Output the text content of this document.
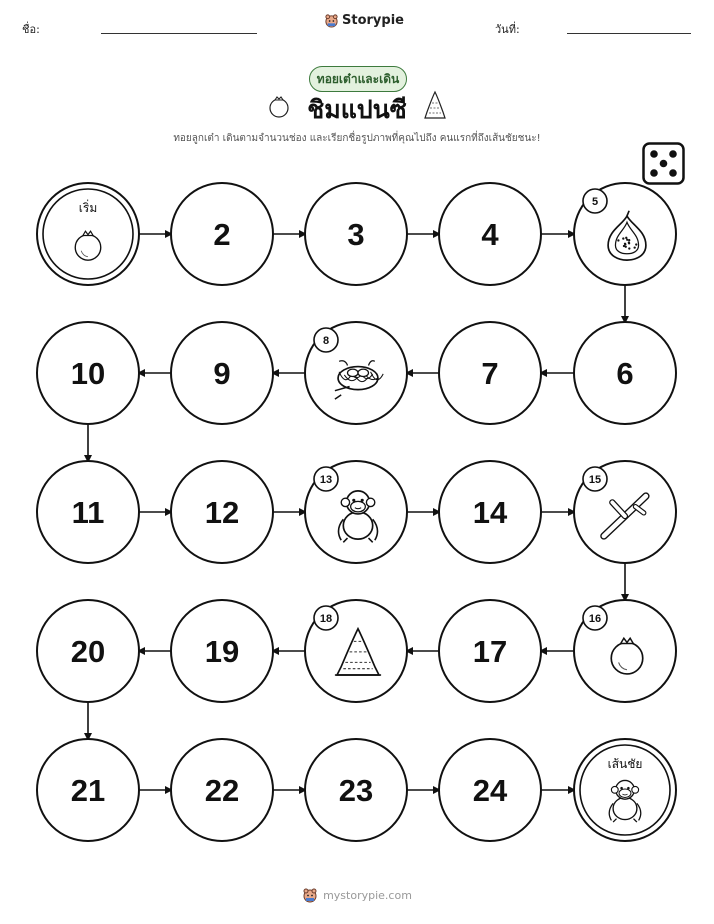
ชื่อ:
Storypie
วันที่:
ทอยเต๋าและเดิน
ชิมแปนซี
ทอยลูกเต๋า เดินตามจำนวนช่อง และเรียกชื่อรูปภาพที่คุณไปถึง คนแรกที่ถึงเส้นชัยชนะ!
เริ่ม
2	3	4
5
10	9
8
7	6
11	12
13
14
15
20	19
18
17
16
21	22	23	24
เส้นชัย
mystorypie.com
